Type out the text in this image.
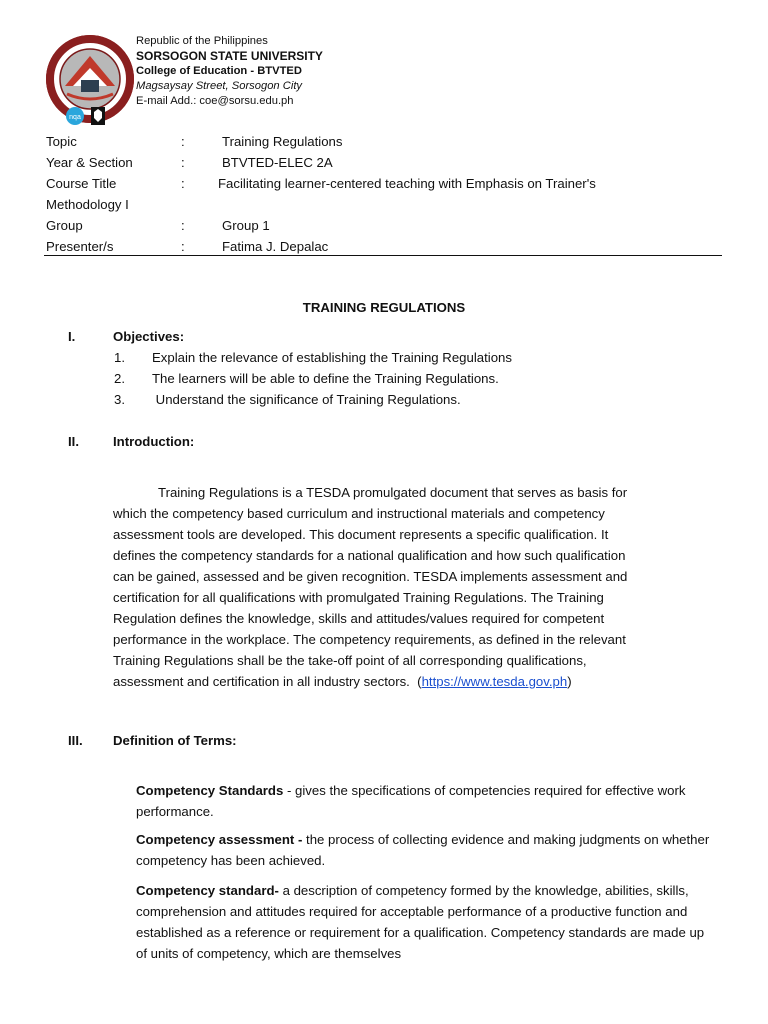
Republic of the Philippines
SORSOGON STATE UNIVERSITY
College of Education - BTVTED
Magsaysay Street, Sorsogon City
E-mail Add.: coe@sorsu.edu.ph
nqa

Topic	:	Training Regulations
Year & Section	:	BTVTED-ELEC 2A
Course Title	:	Facilitating learner-centered teaching with Emphasis on Trainer's
Methodology I
Group	:	Group 1
Presenter/s	:	Fatima J. Depalac
TRAINING REGULATIONS
I.	Objectives:
1. Explain the relevance of establishing the Training Regulations
2. The learners will be able to define the Training Regulations.
3. Understand the significance of Training Regulations.
II.	Introduction:
Training Regulations is a TESDA promulgated document that serves as basis for
which the competency based curriculum and instructional materials and competency
assessment tools are developed. This document represents a specific qualification. It
defines the competency standards for a national qualification and how such qualification
can be gained, assessed and be given recognition. TESDA implements assessment and
certification for all qualifications with promulgated Training Regulations. The Training
Regulation defines the knowledge, skills and attitudes/values required for competent
performance in the workplace. The competency requirements, as defined in the relevant
Training Regulations shall be the take-off point of all corresponding qualifications,
assessment and certification in all industry sectors.  (https://www.tesda.gov.ph)
III. Definition of Terms:
Competency Standards - gives the specifications of competencies required for effective work performance.
Competency assessment - the process of collecting evidence and making judgments on whether competency has been achieved.
Competency standard- a description of competency formed by the knowledge, abilities, skills, comprehension and attitudes required for acceptable performance of a productive function and established as a reference or requirement for a qualification. Competency standards are made up of units of competency, which are themselves
